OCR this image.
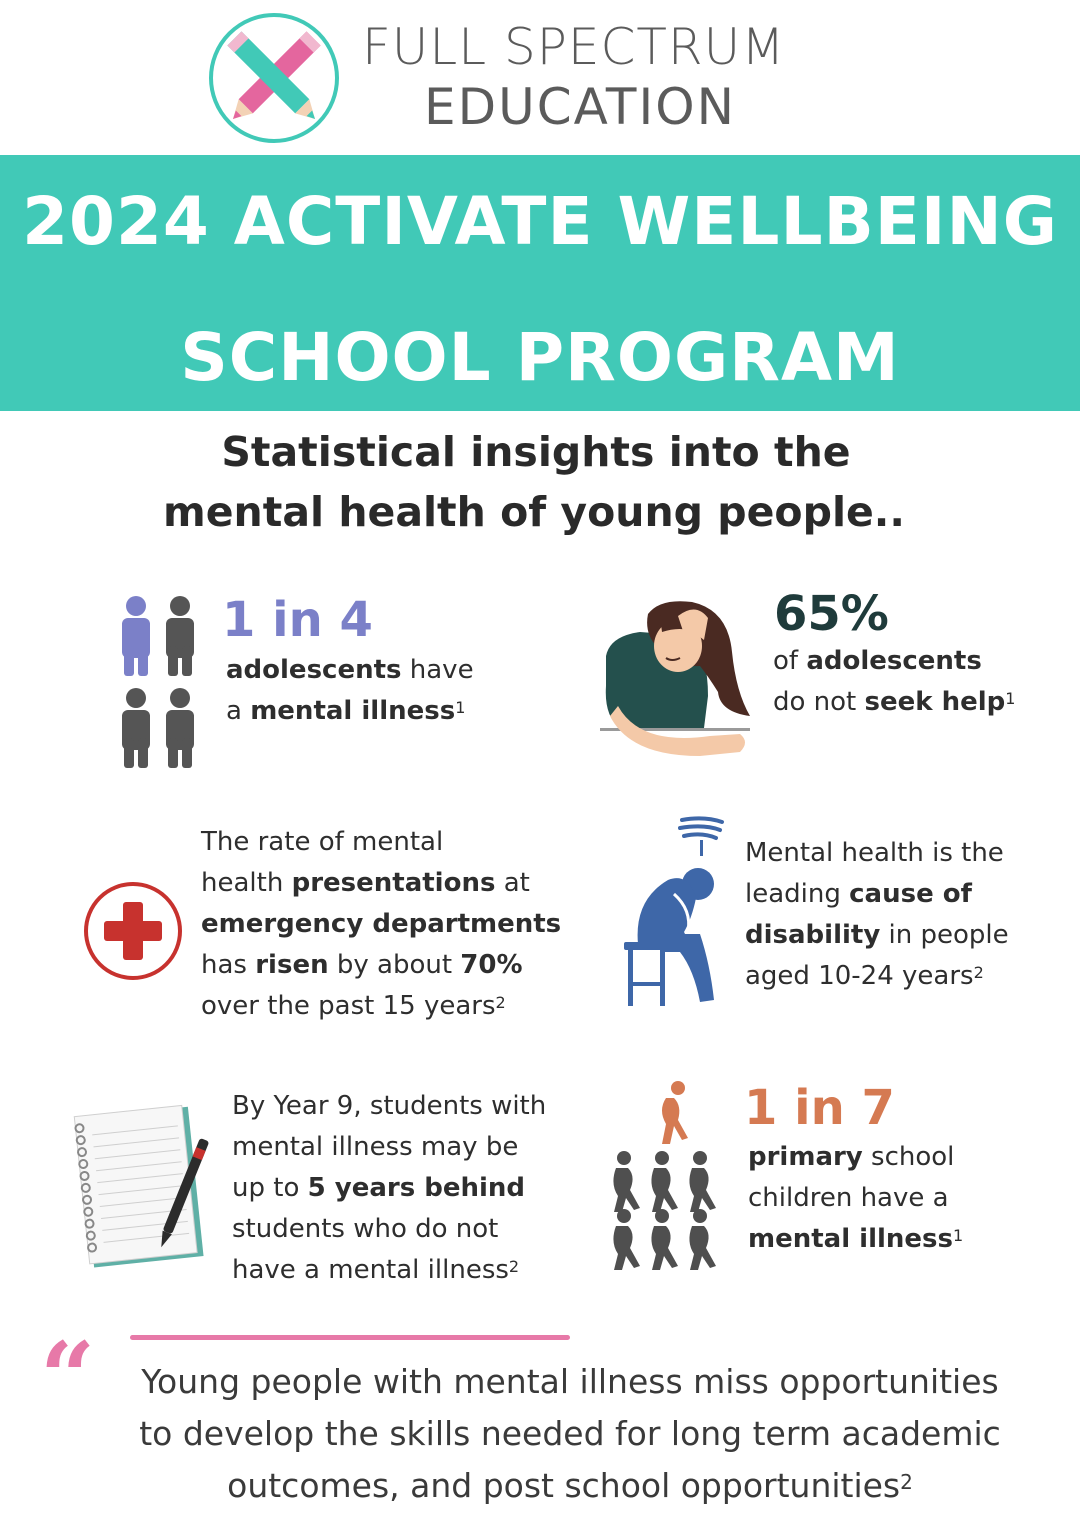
FULL SPECTRUM
EDUCATION
2024 ACTIVATE WELLBEING
SCHOOL PROGRAM
Statistical insights into the
mental health of young people..
1 in 4
adolescents have
a mental illness$^1$
65%
of adolescents
do not seek help$^1$
The rate of mental
health presentations at
emergency departments
has risen by about 70%
over the past 15 years$^2$
Mental health is the
leading cause of
disability in people
aged 10-24 years$^2$
By Year 9, students with
mental illness may be
up to 5 years behind
students who do not
have a mental illness$^2$
1 in 7
primary school
children have a
mental illness$^1$
“	Young people with mental illness miss opportunities
to develop the skills needed for long term academic
outcomes, and post school opportunities$^2$
